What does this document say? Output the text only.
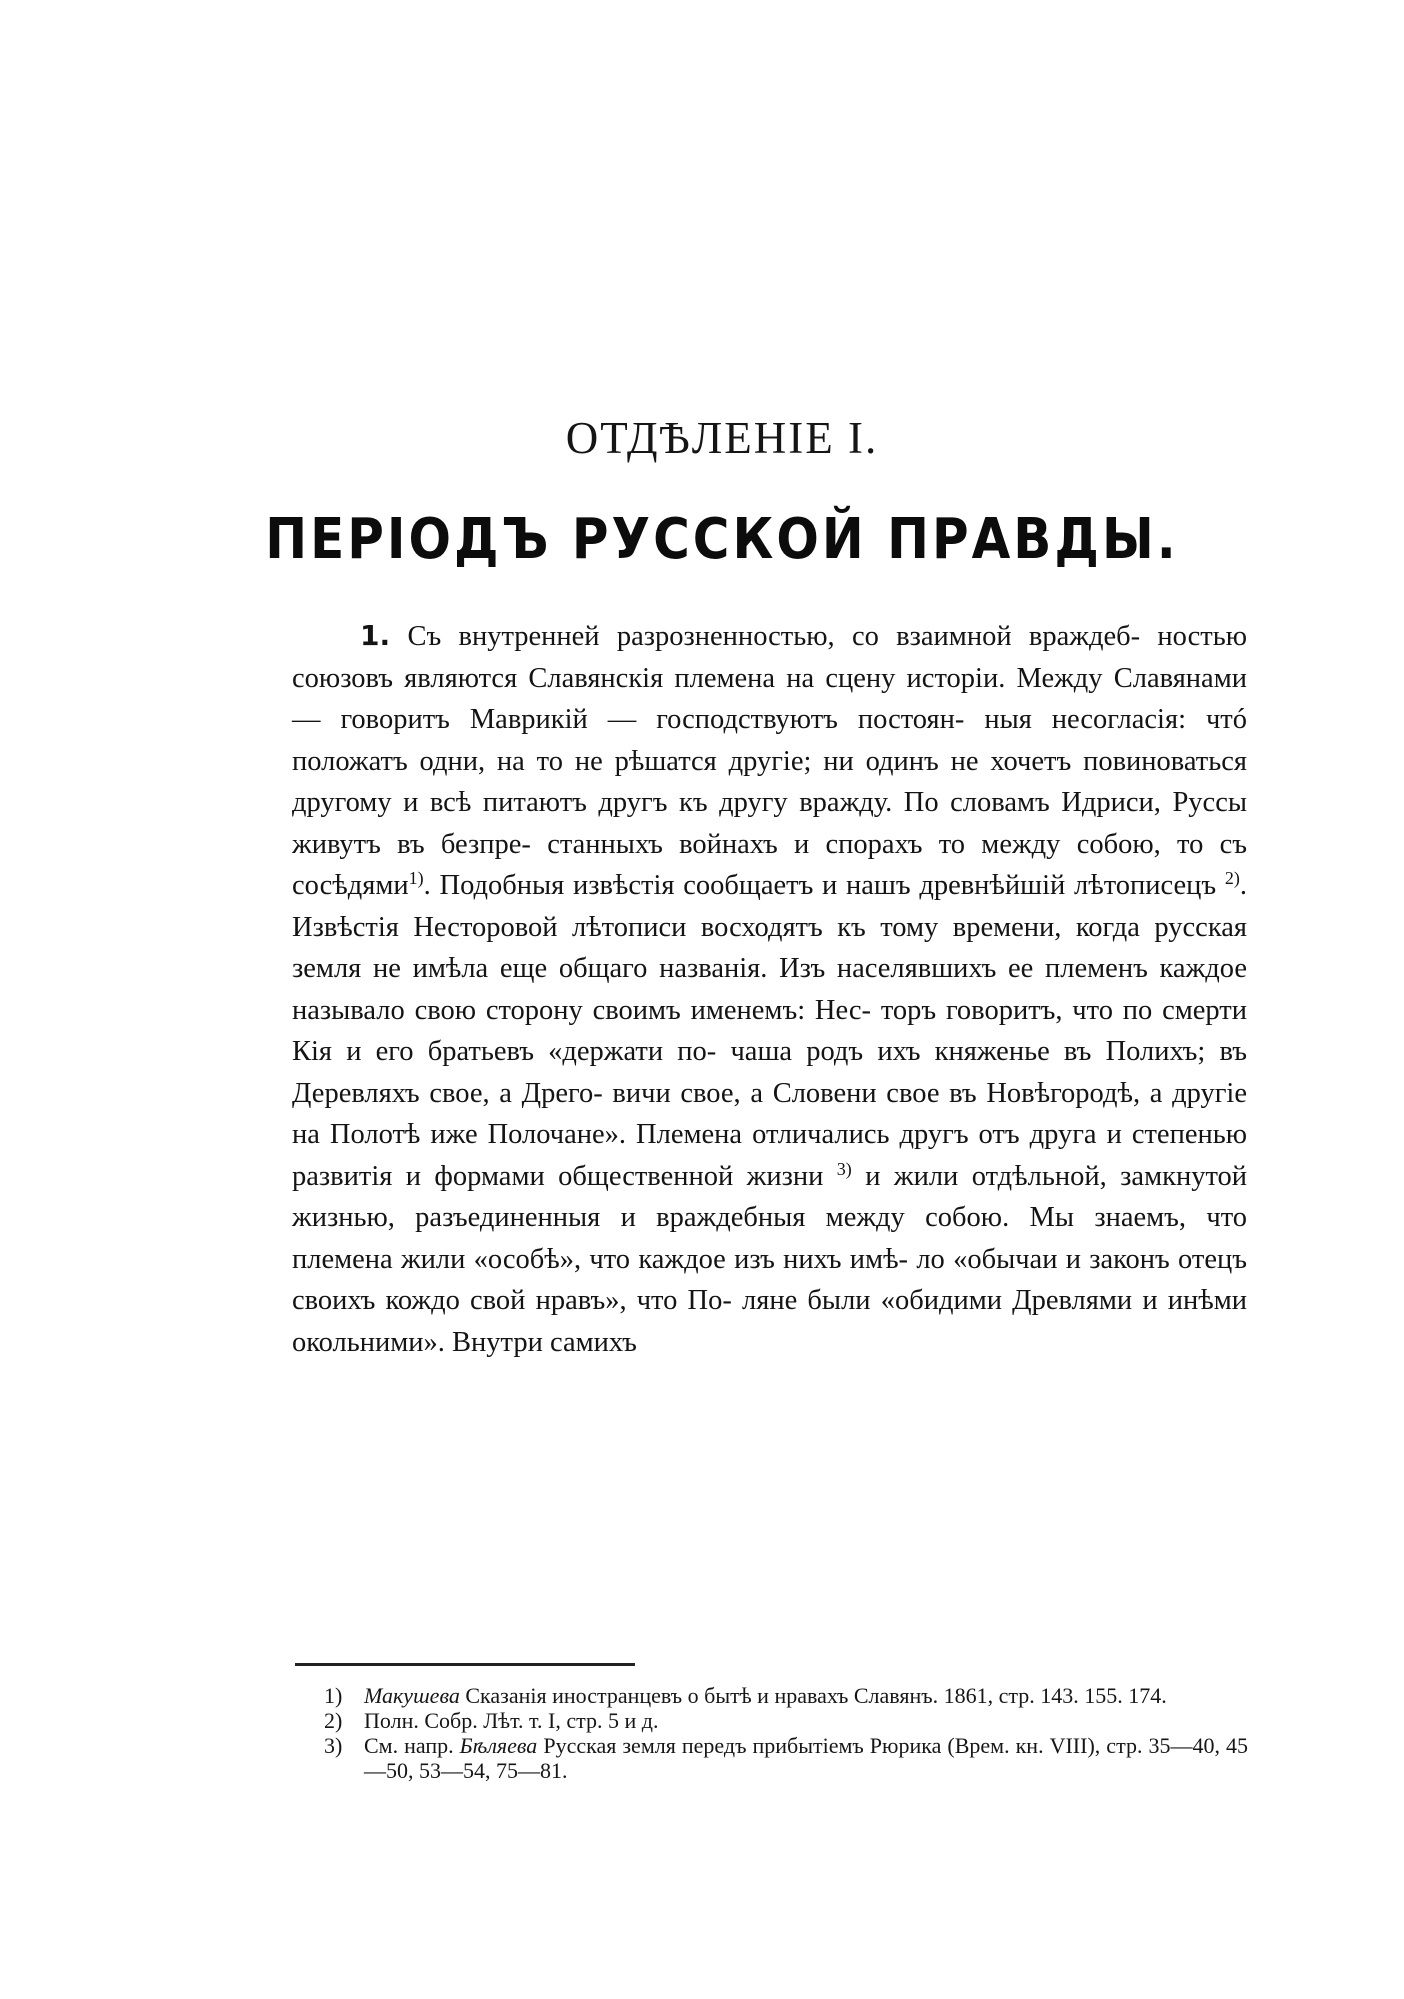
ОТДѢЛЕНІЕ I.
ПЕРІОДЪ РУССКОЙ ПРАВДЫ.

1. Съ внутренней разрозненностью, со взаимной враждеб- ностью союзовъ являются Славянскія племена на сцену исторіи. Между Славянами — говоритъ Маврикій — господствуютъ постоян- ныя несогласія: чтó положатъ одни, на то не рѣшатся другіе; ни одинъ не хочетъ повиноваться другому и всѣ питаютъ другъ къ другу вражду. По словамъ Идриси, Руссы живутъ въ безпре- станныхъ войнахъ и спорахъ то между собою, то съ сосѣдями$^{1)}$. Подобныя извѣстія сообщаетъ и нашъ древнѣйшій лѣтописецъ $^{2)}$. Извѣстія Несторовой лѣтописи восходятъ къ тому времени, когда русская земля не имѣла еще общаго названія. Изъ населявшихъ ее племенъ каждое называло свою сторону своимъ именемъ: Нес- торъ говоритъ, что по смерти Кія и его братьевъ «держати по- чаша родъ ихъ княженье въ Полихъ; въ Деревляхъ свое, а Дрего- вичи свое, а Словени свое въ Новѣгородѣ, а другіе на Полотѣ иже Полочане». Племена отличались другъ отъ друга и степенью развитія и формами общественной жизни $^{3)}$ и жили отдѣльной, замкнутой жизнью, разъединенныя и враждебныя между собою. Мы знаемъ, что племена жили «особѣ», что каждое изъ нихъ имѣ- ло «обычаи и законъ отецъ своихъ кождо свой нравъ», что По- ляне были «обидими Древлями и инѣми окольними». Внутри самихъ

1) Макушева Сказанія иностранцевъ о бытѣ и нравахъ Славянъ. 1861, стр. 143. 155. 174.
2) Полн. Собр. Лѣт. т. I, стр. 5 и д.
3) См. напр. Бѣляева Русская земля передъ прибытіемъ Рюрика (Врем. кн. VIII), стр. 35—40, 45—50, 53—54, 75—81.
